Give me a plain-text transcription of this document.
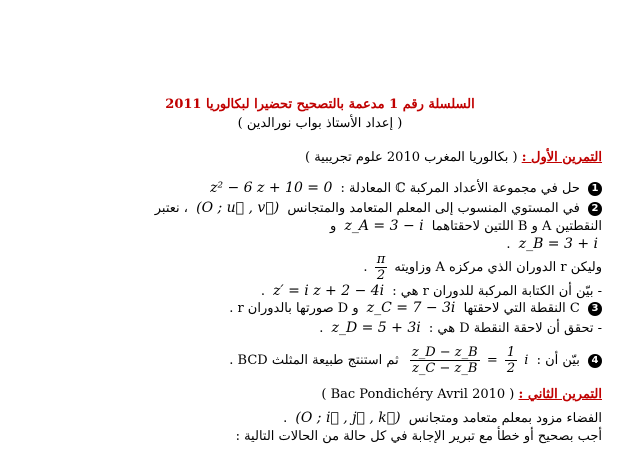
السلسلة رقم 1 مدعمة بالتصحيح تحضيرا لبكالوريا 2011
( إعداد الأستاذ بواب نورالدين )
التمرين الأول : ( بكالوريا المغرب 2010 علوم تجريبية )
1 حل في مجموعة الأعداد المركبة ℂ المعادلة : z² − 6 z + 10 = 0
2 في المستوي المنسوب إلى المعلم المتعامد والمتجانس (O ; u⃗ , v⃗) ، نعتبر
النقطتين A و B اللتين لاحقتاهما z_A = 3 − i و
z_B = 3 + i .
وليكن r الدوران الذي مركزه A وزاويته
$\frac{\pi}{2}$
.
- بيّن أن الكتابة المركبة للدوران r هي : z′ = i z + 2 − 4i .
3 C النقطة التي لاحقتها z_C = 7 − 3i و D صورتها بالدوران r .
- تحقق أن لاحقة النقطة D هي : z_D = 5 + 3i .
4 بيّن أن :
$\frac{z\_D - z\_B}{z\_C - z\_B} = \frac{1}{2}$ i ثم استنتج طبيعة المثلث BCD .
التمرين الثاني : ( Bac Pondichéry Avril 2010 )
الفضاء مزود بمعلم متعامد ومتجانس (O ; i⃗ , j⃗ , k⃗) .
أجب بصحيح أو خطأ مع تبرير الإجابة في كل حالة من الحالات التالية :
